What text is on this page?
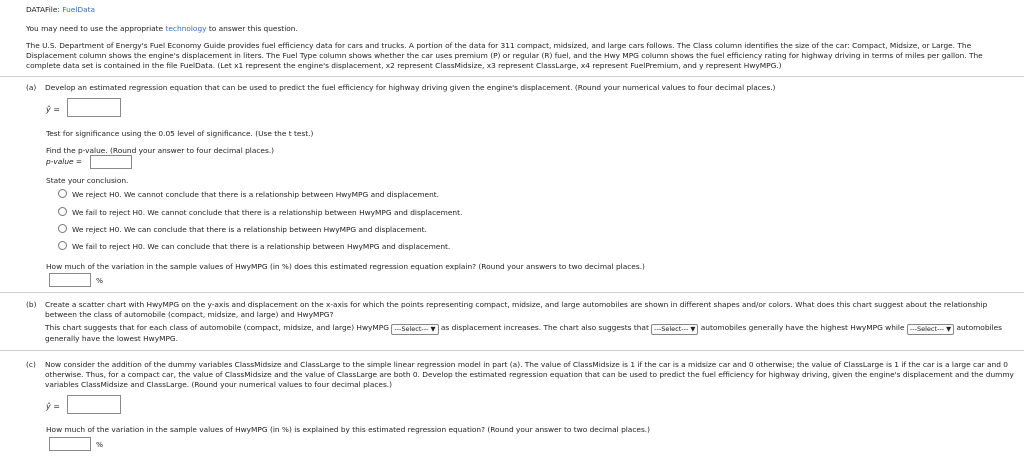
DATAFile: FuelData
You may need to use the appropriate technology to answer this question.
The U.S. Department of Energy's Fuel Economy Guide provides fuel efficiency data for cars and trucks. A portion of the data for 311 compact, midsized, and large cars follows. The Class column identifies the size of the car: Compact, Midsize, or Large. The
Displacement column shows the engine's displacement in liters. The Fuel Type column shows whether the car uses premium (P) or regular (R) fuel, and the Hwy MPG column shows the fuel efficiency rating for highway driving in terms of miles per gallon. The
complete data set is contained in the file FuelData. (Let x1 represent the engine's displacement, x2 represent ClassMidsize, x3 represent ClassLarge, x4 represent FuelPremium, and y represent HwyMPG.)
(a) Develop an estimated regression equation that can be used to predict the fuel efficiency for highway driving given the engine's displacement. (Round your numerical values to four decimal places.)
ŷ =
Test for significance using the 0.05 level of significance. (Use the t test.)
Find the p-value. (Round your answer to four decimal places.)
p-value =
State your conclusion.
We reject H0. We cannot conclude that there is a relationship between HwyMPG and displacement.
We fail to reject H0. We cannot conclude that there is a relationship between HwyMPG and displacement.
We reject H0. We can conclude that there is a relationship between HwyMPG and displacement.
We fail to reject H0. We can conclude that there is a relationship between HwyMPG and displacement.
How much of the variation in the sample values of HwyMPG (in %) does this estimated regression equation explain? (Round your answers to two decimal places.)
%
(b) Create a scatter chart with HwyMPG on the y-axis and displacement on the x-axis for which the points representing compact, midsize, and large automobiles are shown in different shapes and/or colors. What does this chart suggest about the relationship
between the class of automobile (compact, midsize, and large) and HwyMPG?
This chart suggests that for each class of automobile (compact, midsize, and large) HwyMPG ---Select--- ▼ as displacement increases. The chart also suggests that ---Select--- ▼ automobiles generally have the highest HwyMPG while ---Select--- ▼ automobiles
generally have the lowest HwyMPG.
(c) Now consider the addition of the dummy variables ClassMidsize and ClassLarge to the simple linear regression model in part (a). The value of ClassMidsize is 1 if the car is a midsize car and 0 otherwise; the value of ClassLarge is 1 if the car is a large car and 0
otherwise. Thus, for a compact car, the value of ClassMidsize and the value of ClassLarge are both 0. Develop the estimated regression equation that can be used to predict the fuel efficiency for highway driving, given the engine's displacement and the dummy
variables ClassMidsize and ClassLarge. (Round your numerical values to four decimal places.)
ŷ =
How much of the variation in the sample values of HwyMPG (in %) is explained by this estimated regression equation? (Round your answer to two decimal places.)
%
